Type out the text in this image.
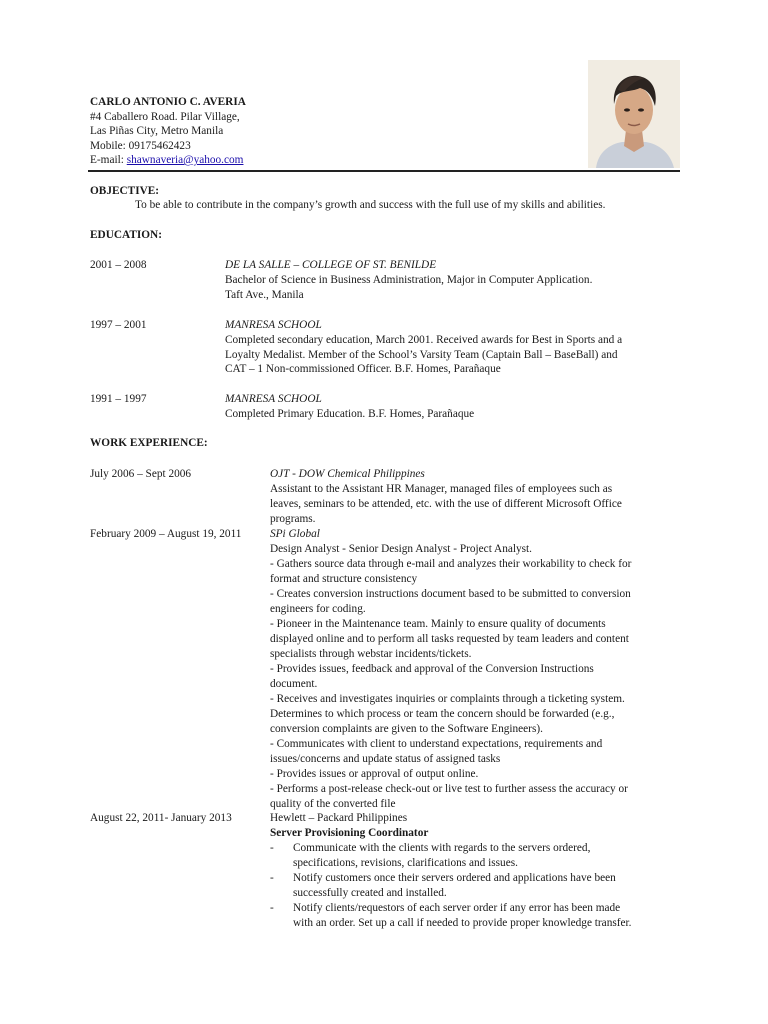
CARLO ANTONIO C. AVERIA
#4 Caballero Road. Pilar Village,
Las Piñas City, Metro Manila
Mobile: 09175462423
E-mail: shawnaveria@yahoo.com
OBJECTIVE:
To be able to contribute in the company’s growth and success with the full use of my skills and abilities.
EDUCATION:
2001 – 2008	DE LA SALLE – COLLEGE OF ST. BENILDE
Bachelor of Science in Business Administration, Major in Computer Application.
Taft Ave., Manila
1997 – 2001	MANRESA SCHOOL
Completed secondary education, March 2001. Received awards for Best in Sports and a
Loyalty Medalist. Member of the School’s Varsity Team (Captain Ball – BaseBall) and
CAT – 1 Non-commissioned Officer. B.F. Homes, Parañaque
1991 – 1997	MANRESA SCHOOL
Completed Primary Education. B.F. Homes, Parañaque
WORK EXPERIENCE:
July 2006 – Sept 2006	OJT - DOW Chemical Philippines
Assistant to the Assistant HR Manager, managed files of employees such as
leaves, seminars to be attended, etc. with the use of different Microsoft Office
programs.
February 2009 – August 19, 2011	SPi Global
Design Analyst - Senior Design Analyst - Project Analyst.
- Gathers source data through e-mail and analyzes their workability to check for
format and structure consistency
- Creates conversion instructions document based to be submitted to conversion
engineers for coding.
- Pioneer in the Maintenance team. Mainly to ensure quality of documents
displayed online and to perform all tasks requested by team leaders and content
specialists through webstar incidents/tickets.
- Provides issues, feedback and approval of the Conversion Instructions
document.
- Receives and investigates inquiries or complaints through a ticketing system.
Determines to which process or team the concern should be forwarded (e.g.,
conversion complaints are given to the Software Engineers).
- Communicates with client to understand expectations, requirements and
issues/concerns and update status of assigned tasks
- Provides issues or approval of output online.
- Performs a post-release check-out or live test to further assess the accuracy or
quality of the converted file
August 22, 2011- January 2013	Hewlett – Packard Philippines
Server Provisioning Coordinator
- Communicate with the clients with regards to the servers ordered,
specifications, revisions, clarifications and issues.
- Notify customers once their servers ordered and applications have been
successfully created and installed.
- Notify clients/requestors of each server order if any error has been made
with an order. Set up a call if needed to provide proper knowledge transfer.
